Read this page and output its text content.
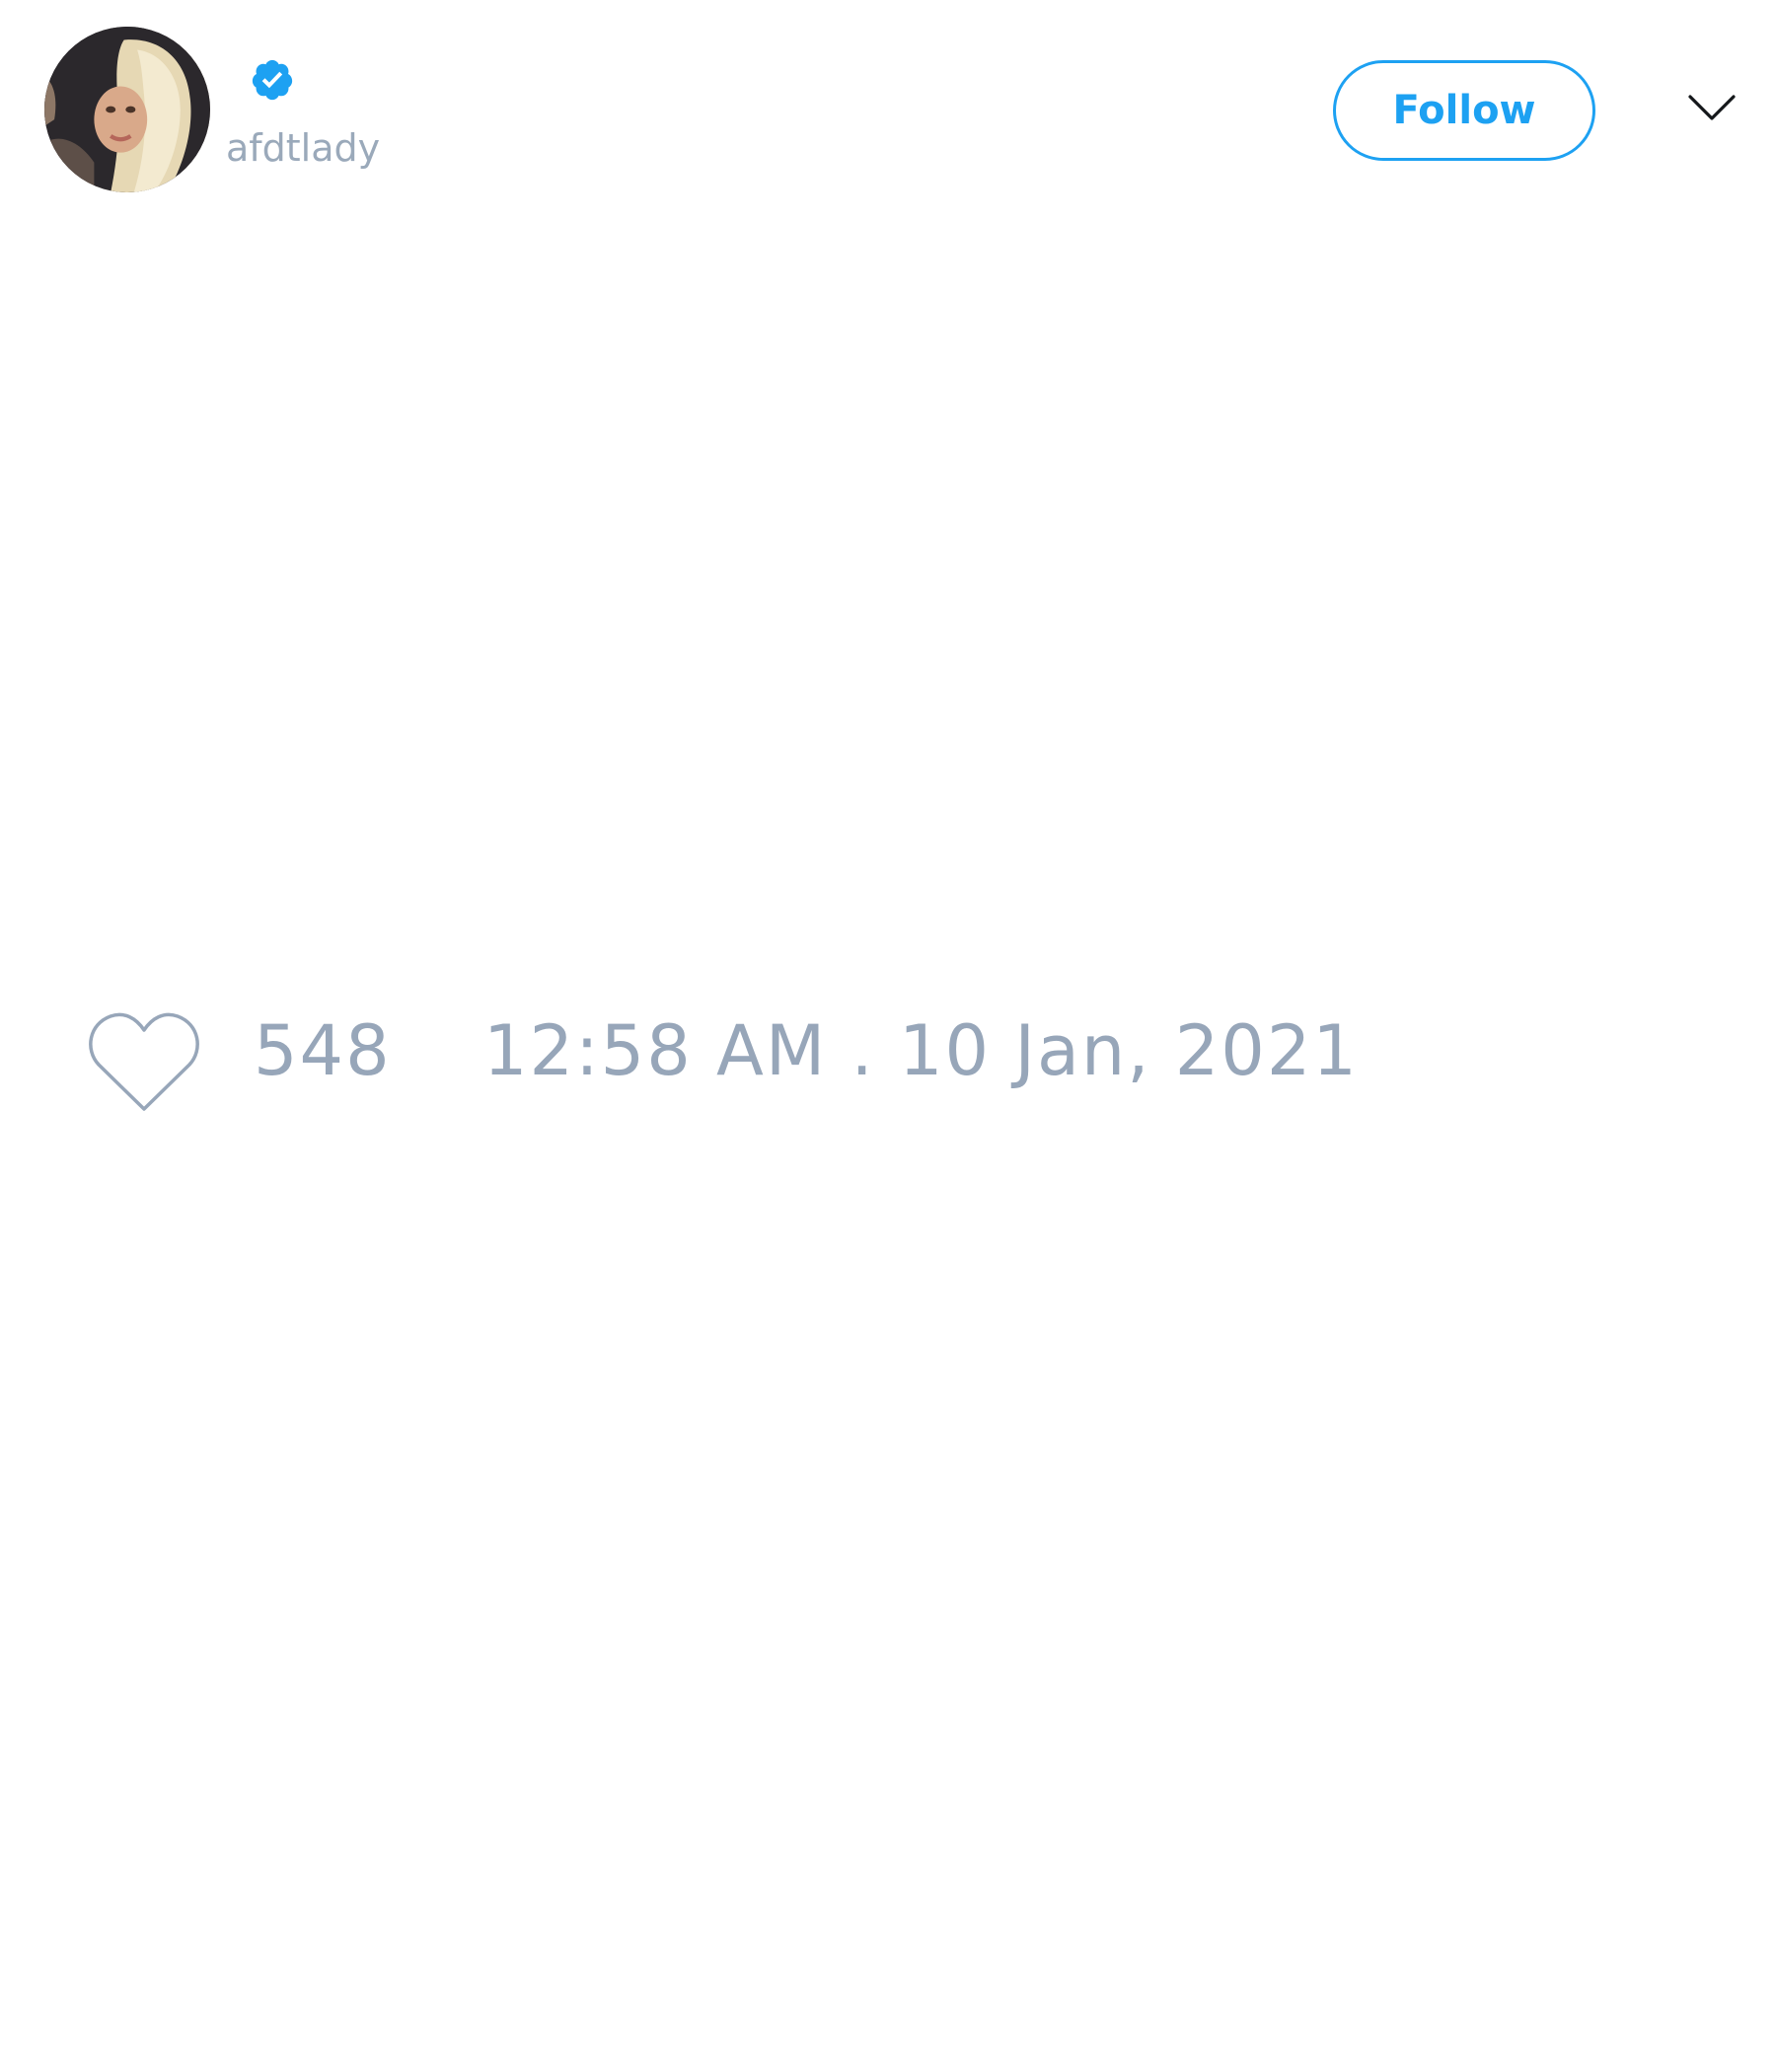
afdtlady
Follow
548 12:58 AM . 10 Jan, 2021
